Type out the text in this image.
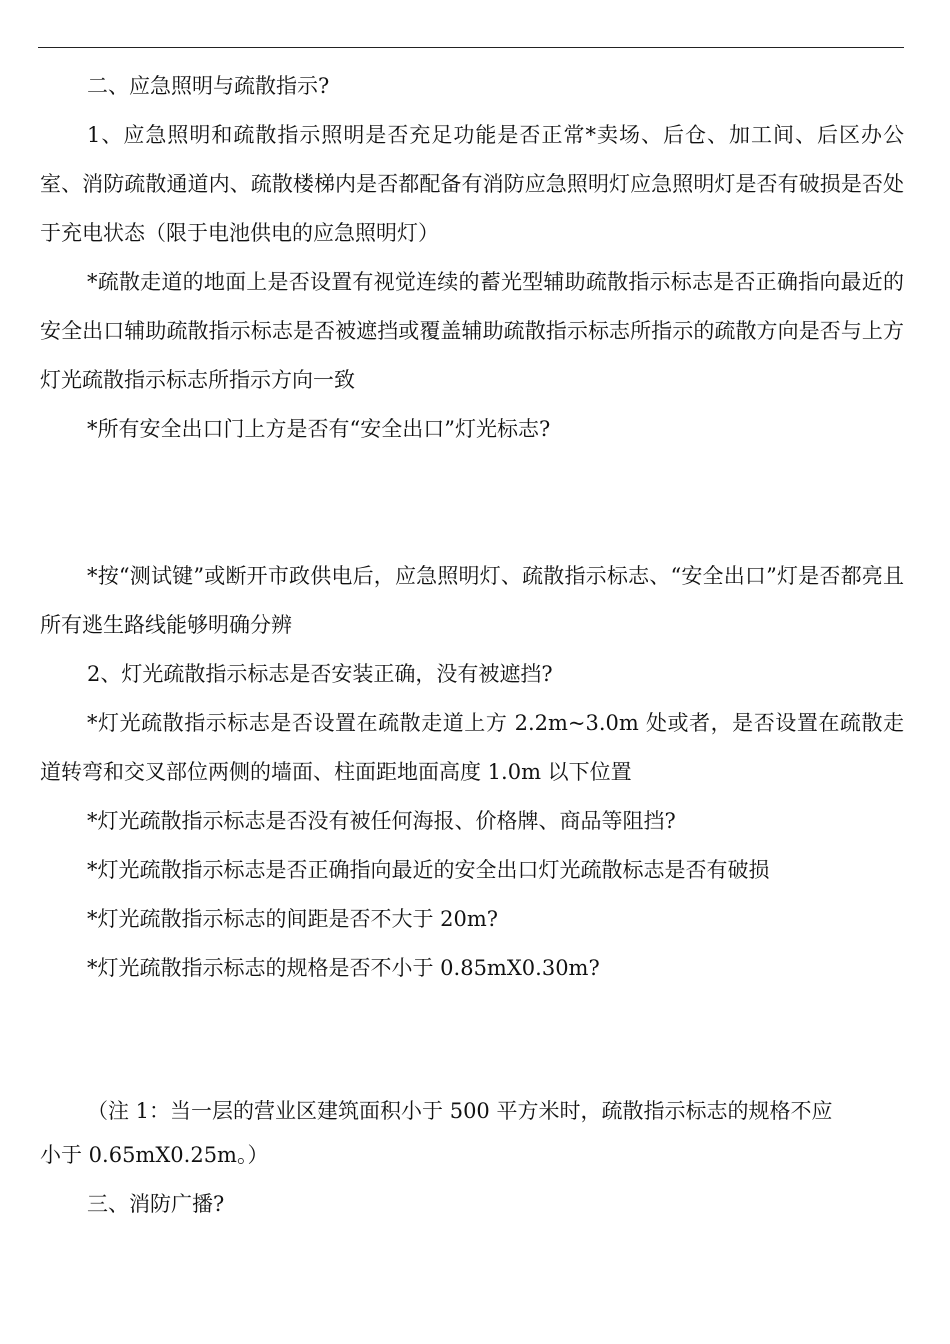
二、应急照明与疏散指示?

1、应急照明和疏散指示照明是否充足功能是否正常*卖场、后仓、加工间、后区办公室、消防疏散通道内、疏散楼梯内是否都配备有消防应急照明灯应急照明灯是否有破损是否处于充电状态（限于电池供电的应急照明灯）

*疏散走道的地面上是否设置有视觉连续的蓄光型辅助疏散指示标志是否正确指向最近的安全出口辅助疏散指示标志是否被遮挡或覆盖辅助疏散指示标志所指示的疏散方向是否与上方灯光疏散指示标志所指示方向一致

*所有安全出口门上方是否有“安全出口”灯光标志?

*按“测试键”或断开市政供电后，应急照明灯、疏散指示标志、“安全出口”灯是否都亮且所有逃生路线能够明确分辨

2、灯光疏散指示标志是否安装正确，没有被遮挡?

*灯光疏散指示标志是否设置在疏散走道上方 2.2m~3.0m 处或者，是否设置在疏散走道转弯和交叉部位两侧的墙面、柱面距地面高度 1.0m 以下位置

*灯光疏散指示标志是否没有被任何海报、价格牌、商品等阻挡?

*灯光疏散指示标志是否正确指向最近的安全出口灯光疏散标志是否有破损

*灯光疏散指示标志的间距是否不大于 20m?

*灯光疏散指示标志的规格是否不小于 0.85mX0.30m?

（注 1：当一层的营业区建筑面积小于 500 平方米时，疏散指示标志的规格不应

小于 0.65mX0.25m。）

三、消防广播?
